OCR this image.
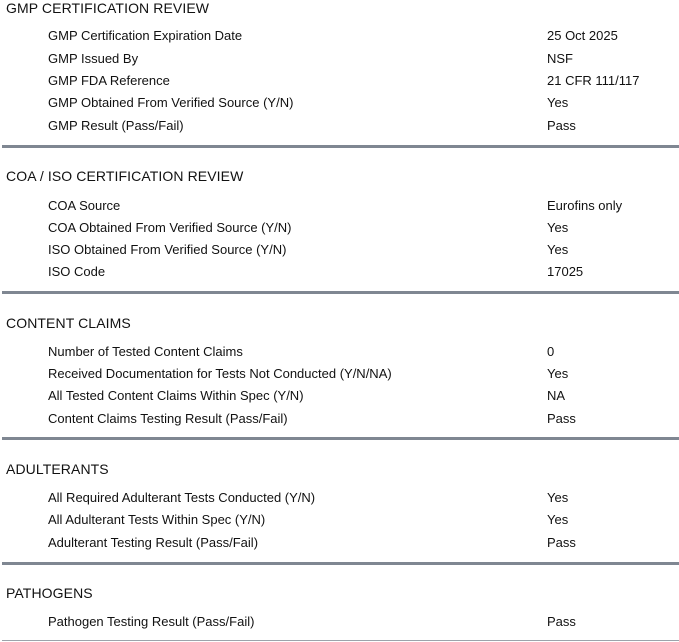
GMP CERTIFICATION REVIEW
GMP Certification Expiration Date	25 Oct 2025
GMP Issued By	NSF
GMP FDA Reference	21 CFR 111/117
GMP Obtained From Verified Source (Y/N)	Yes
GMP Result (Pass/Fail)	Pass
COA / ISO CERTIFICATION REVIEW
COA Source	Eurofins only
COA Obtained From Verified Source (Y/N)	Yes
ISO Obtained From Verified Source (Y/N)	Yes
ISO Code	17025
CONTENT CLAIMS
Number of Tested Content Claims	0
Received Documentation for Tests Not Conducted (Y/N/NA)	Yes
All Tested Content Claims Within Spec (Y/N)	NA
Content Claims Testing Result (Pass/Fail)	Pass
ADULTERANTS
All Required Adulterant Tests Conducted (Y/N)	Yes
All Adulterant Tests Within Spec (Y/N)	Yes
Adulterant Testing Result (Pass/Fail)	Pass
PATHOGENS
Pathogen Testing Result (Pass/Fail)	Pass
